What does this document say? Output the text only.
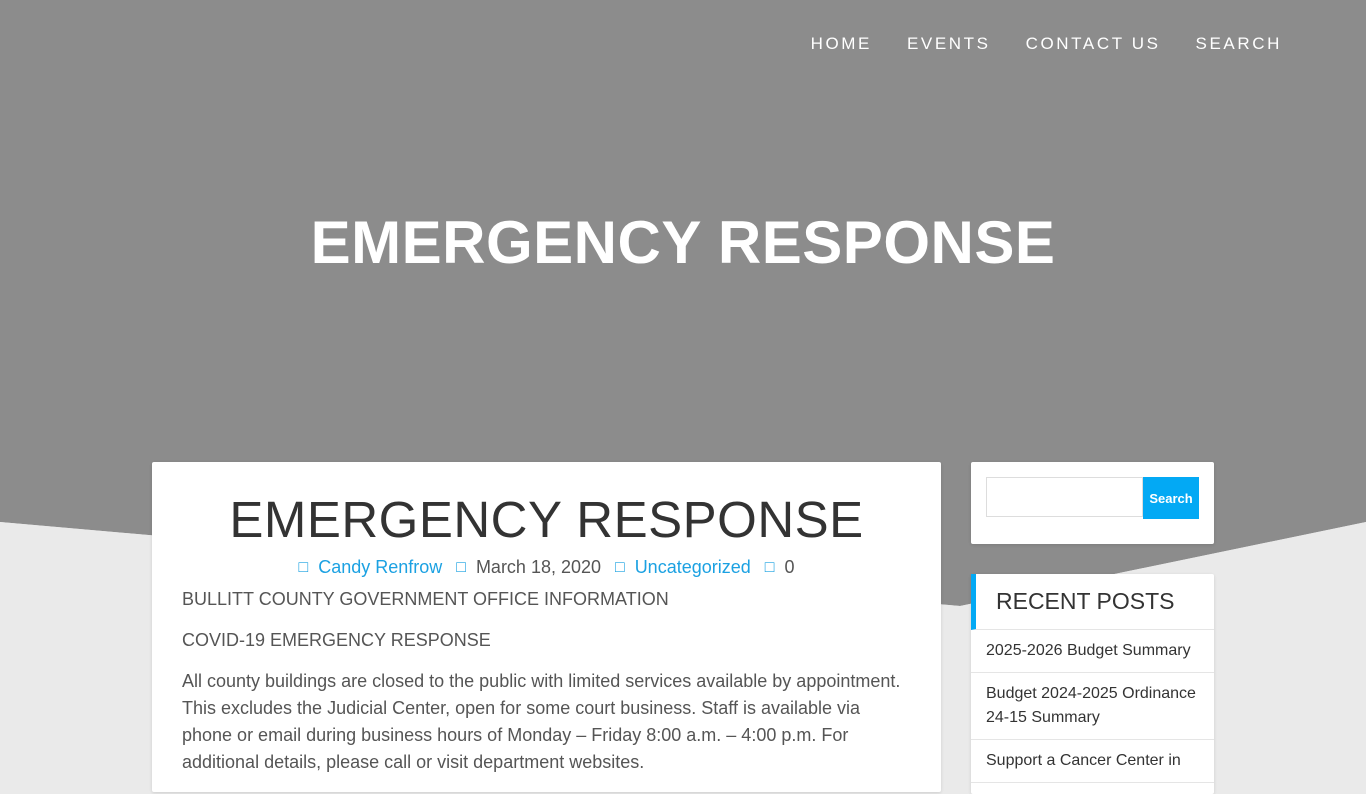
HOME EVENTS CONTACT US SEARCH
EMERGENCY RESPONSE
EMERGENCY RESPONSE
□ Candy Renfrow □ March 18, 2020 □ Uncategorized □ 0

BULLITT COUNTY GOVERNMENT OFFICE INFORMATION

COVID-19 EMERGENCY RESPONSE

All county buildings are closed to the public with limited services available by appointment. This excludes the Judicial Center, open for some court business. Staff is available via phone or email during business hours of Monday – Friday 8:00 a.m. – 4:00 p.m. For additional details, please call or visit department websites.

Search
RECENT POSTS
2025-2026 Budget Summary
Budget 2024-2025 Ordinance 24-15 Summary
Support a Cancer Center in
